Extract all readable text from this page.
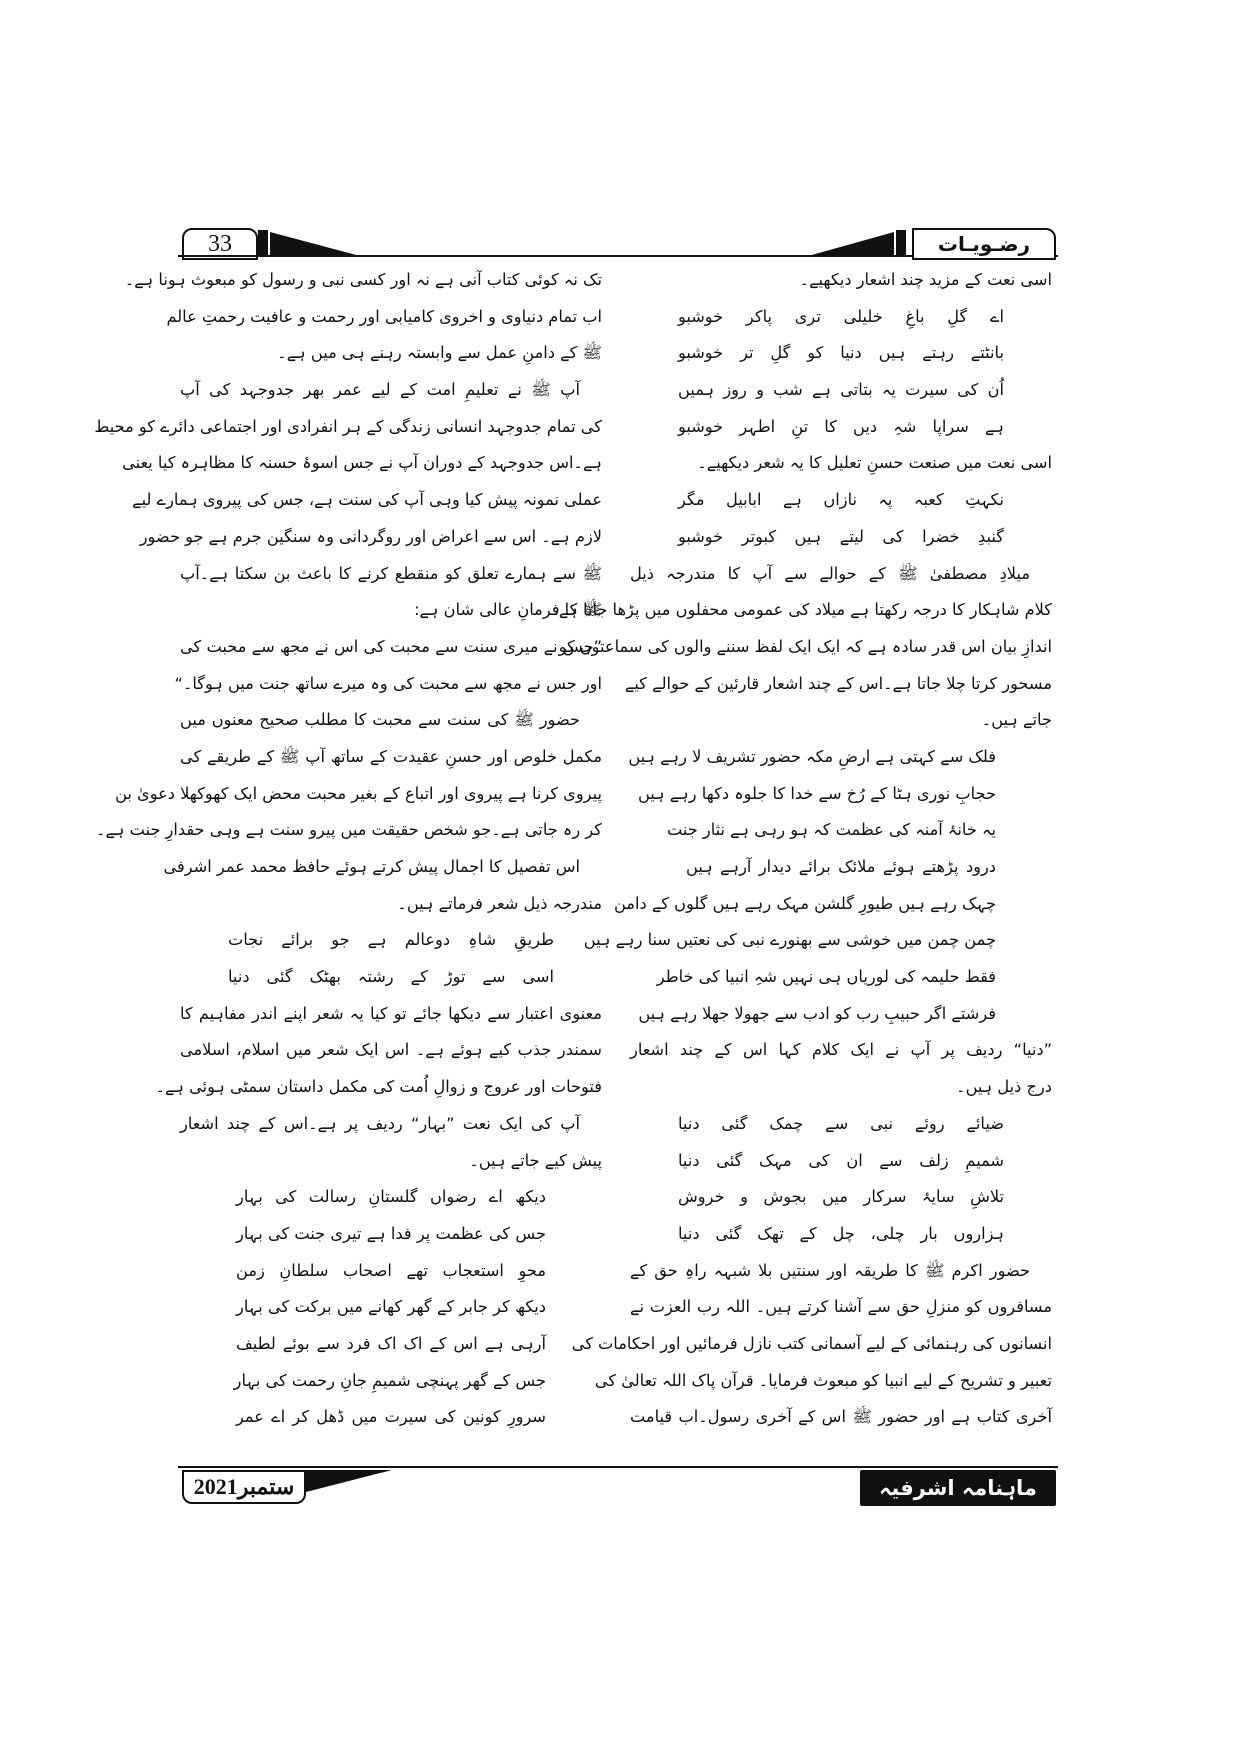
33	رضـویـات
اسی نعت کے مزید چند اشعار دیکھیے۔
اے گلِ باغِ خلیلی تری پاکر خوشبو
بانٹتے رہتے ہیں دنیا کو گلِ تر خوشبو
اُن کی سیرت یہ بتاتی ہے شب و روز ہمیں
ہے سراپا شہِ دیں کا تنِ اطہر خوشبو
اسی نعت میں صنعت حسنِ تعلیل کا یہ شعر دیکھیے۔
نکہتِ کعبہ پہ نازاں ہے ابابیل مگر
گنبدِ خضرا کی لیتے ہیں کبوتر خوشبو
میلادِ مصطفیٰ ﷺ کے حوالے سے آپ کا مندرجہ ذیل
کلام شاہکار کا درجہ رکھتا ہے میلاد کی عمومی محفلوں میں پڑھا جاتا ہے،
اندازِ بیان اس قدر سادہ ہے کہ ایک ایک لفظ سننے والوں کی سماعتوں کو
مسحور کرتا چلا جاتا ہے۔اس کے چند اشعار قارئین کے حوالے کیے
جاتے ہیں۔
فلک سے کہتی ہے ارضِ مکہ حضور تشریف لا رہے ہیں
حجابِ نوری ہٹا کے رُخ سے خدا کا جلوہ دکھا رہے ہیں
یہ خانۂ آمنہ کی عظمت کہ ہو رہی ہے نثار جنت
درود پڑھتے ہوئے ملائک برائے دیدار آرہے ہیں
چہک رہے ہیں طیورِ گلشن مہک رہے ہیں گلوں کے دامن
چمن چمن میں خوشی سے بھنورے نبی کی نعتیں سنا رہے ہیں
فقط حلیمہ کی لوریاں ہی نہیں شہِ انبیا کی خاطر
فرشتے اگر حبیبِ رب کو ادب سے جھولا جھلا رہے ہیں
”دنیا“ ردیف پر آپ نے ایک کلام کہا اس کے چند اشعار
درج ذیل ہیں۔
ضیائے روئے نبی سے چمک گئی دنیا
شمیمِ زلف سے ان کی مہک گئی دنیا
تلاشِ سایۂ سرکار میں بجوش و خروش
ہزاروں بار چلی، چل کے تھک گئی دنیا
حضور اکرم ﷺ کا طریقہ اور سنتیں بلا شبہہ راہِ حق کے
مسافروں کو منزلِ حق سے آشنا کرتے ہیں۔ اللہ رب العزت نے
انسانوں کی رہنمائی کے لیے آسمانی کتب نازل فرمائیں اور احکامات کی
تعبیر و تشریح کے لیے انبیا کو مبعوث فرمایا۔ قرآن پاک اللہ تعالیٰ کی
آخری کتاب ہے اور حضور ﷺ اس کے آخری رسول۔اب قیامت
تک نہ کوئی کتاب آنی ہے نہ اور کسی نبی و رسول کو مبعوث ہونا ہے۔
اب تمام دنیاوی و اخروی کامیابی اور رحمت و عافیت رحمتِ عالم
ﷺ کے دامنِ عمل سے وابستہ رہنے ہی میں ہے۔
آپ ﷺ نے تعلیمِ امت کے لیے عمر بھر جدوجہد کی آپ
کی تمام جدوجہد انسانی زندگی کے ہر انفرادی اور اجتماعی دائرے کو محیط
ہے۔اس جدوجہد کے دوران آپ نے جس اسوۂ حسنہ کا مظاہرہ کیا یعنی
عملی نمونہ پیش کیا وہی آپ کی سنت ہے، جس کی پیروی ہمارے لیے
لازم ہے۔ اس سے اعراض اور روگردانی وہ سنگین جرم ہے جو حضور
ﷺ سے ہمارے تعلق کو منقطع کرنے کا باعث بن سکتا ہے۔آپ
ﷺ کا فرمانِ عالی شان ہے:
”جس نے میری سنت سے محبت کی اس نے مجھ سے محبت کی
اور جس نے مجھ سے محبت کی وہ میرے ساتھ جنت میں ہوگا۔“
حضور ﷺ کی سنت سے محبت کا مطلب صحیح معنوں میں
مکمل خلوص اور حسنِ عقیدت کے ساتھ آپ ﷺ کے طریقے کی
پیروی کرنا ہے پیروی اور اتباع کے بغیر محبت محض ایک کھوکھلا دعویٰ بن
کر رہ جاتی ہے۔جو شخص حقیقت میں پیرو سنت ہے وہی حقدارِ جنت ہے۔
اس تفصیل کا اجمال پیش کرتے ہوئے حافظ محمد عمر اشرفی
مندرجہ ذیل شعر فرماتے ہیں۔
طریقِ شاہِ دوعالم ہے جو برائے نجات
اسی سے توڑ کے رشتہ بھٹک گئی دنیا
معنوی اعتبار سے دیکھا جائے تو کیا یہ شعر اپنے اندر مفاہیم کا
سمندر جذب کیے ہوئے ہے۔ اس ایک شعر میں اسلام، اسلامی
فتوحات اور عروج و زوالِ اُمت کی مکمل داستان سمٹی ہوئی ہے۔
آپ کی ایک نعت ”بہار“ ردیف پر ہے۔اس کے چند اشعار
پیش کیے جاتے ہیں۔
دیکھ اے رضواں گلستانِ رسالت کی بہار
جس کی عظمت پر فدا ہے تیری جنت کی بہار
محوِ استعجاب تھے اصحاب سلطانِ زمن
دیکھ کر جابر کے گھر کھانے میں برکت کی بہار
آرہی ہے اس کے اک اک فرد سے بوئے لطیف
جس کے گھر پہنچی شمیمِ جانِ رحمت کی بہار
سرورِ کونین کی سیرت میں ڈھل کر اے عمر
ستمبر2021	ماہنامہ اشرفیہ
